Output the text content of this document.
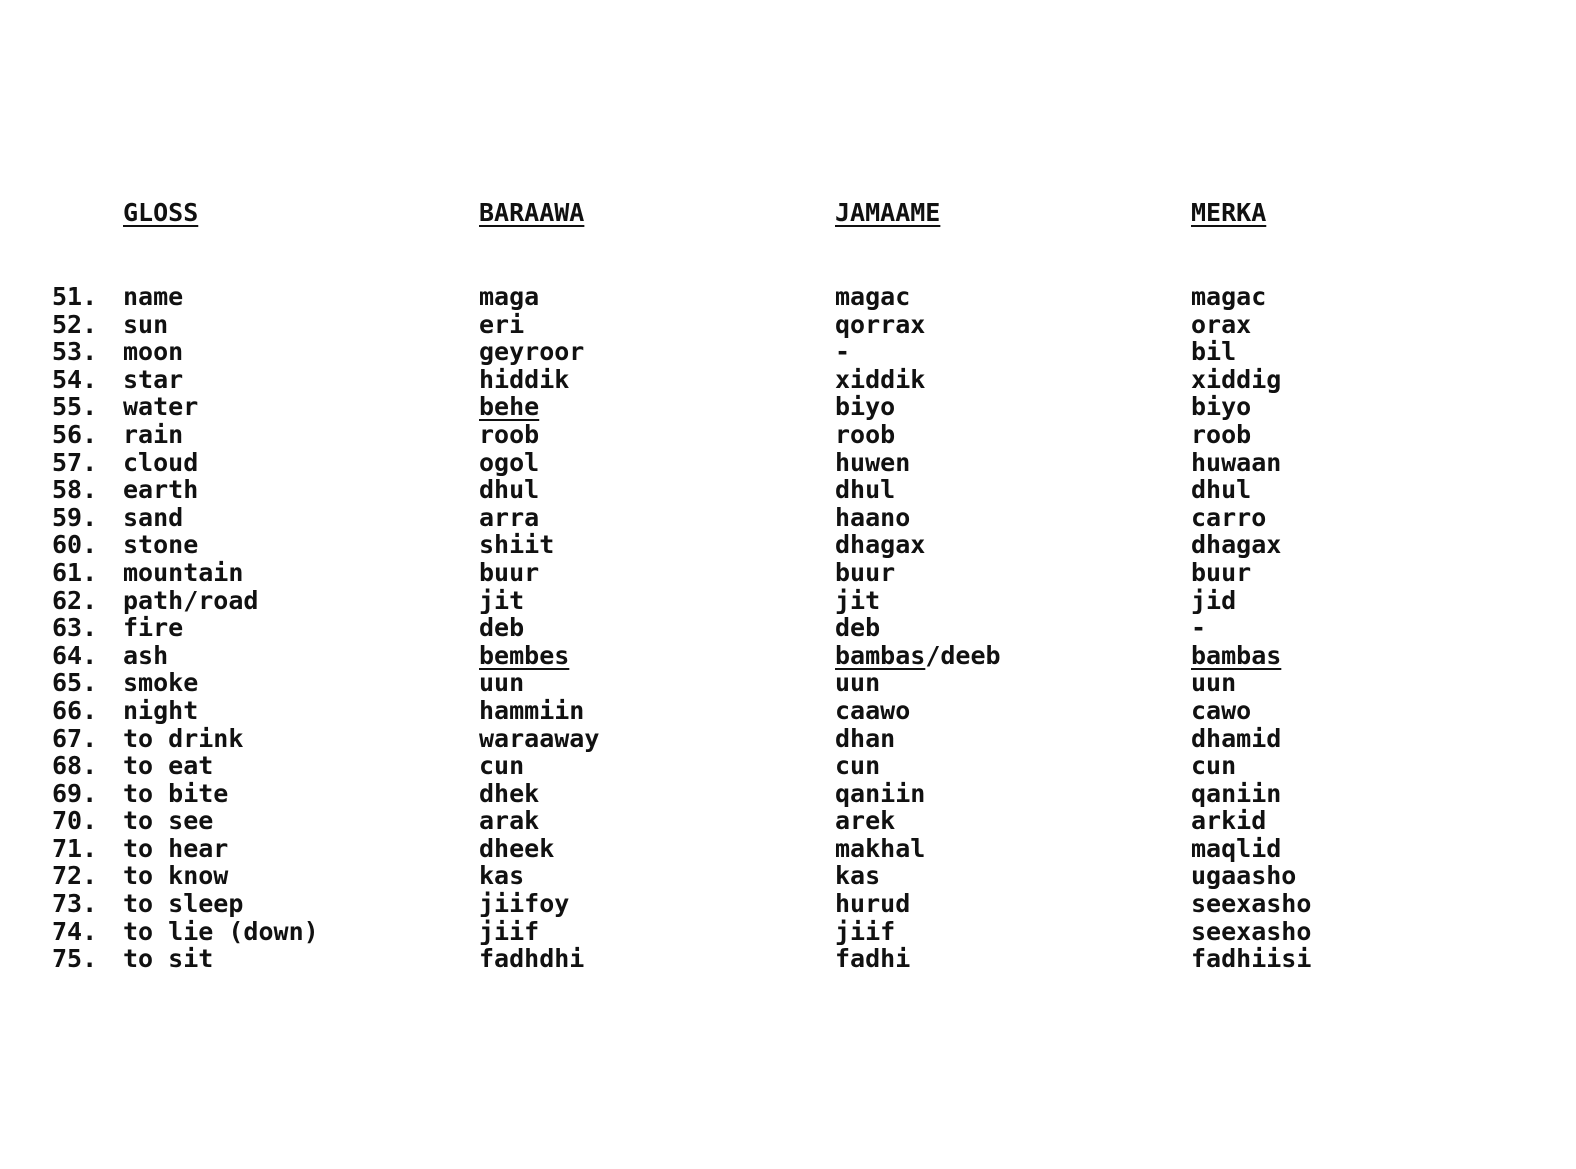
GLOSS	BARAAWA	JAMAAME	MERKA
51. name	maga	magac	magac
52. sun	eri	qorrax	orax
53. moon	geyroor	-	bil
54. star	hiddik	xiddik	xiddig
55. water	behe	biyo	biyo
56. rain	roob	roob	roob
57. cloud	ogol	huwen	huwaan
58. earth	dhul	dhul	dhul
59. sand	arra	haano	carro
60. stone	shiit	dhagax	dhagax
61. mountain	buur	buur	buur
62. path/road	jit	jit	jid
63. fire	deb	deb	-
64. ash	bembes	bambas/deeb	bambas
65. smoke	uun	uun	uun
66. night	hammiin	caawo	cawo
67. to drink	waraaway	dhan	dhamid
68. to eat	cun	cun	cun
69. to bite	dhek	qaniin	qaniin
70. to see	arak	arek	arkid
71. to hear	dheek	makhal	maqlid
72. to know	kas	kas	ugaasho
73. to sleep	jiifoy	hurud	seexasho
74. to lie (down)	jiif	jiif	seexasho
75. to sit	fadhdhi	fadhi	fadhiisi
